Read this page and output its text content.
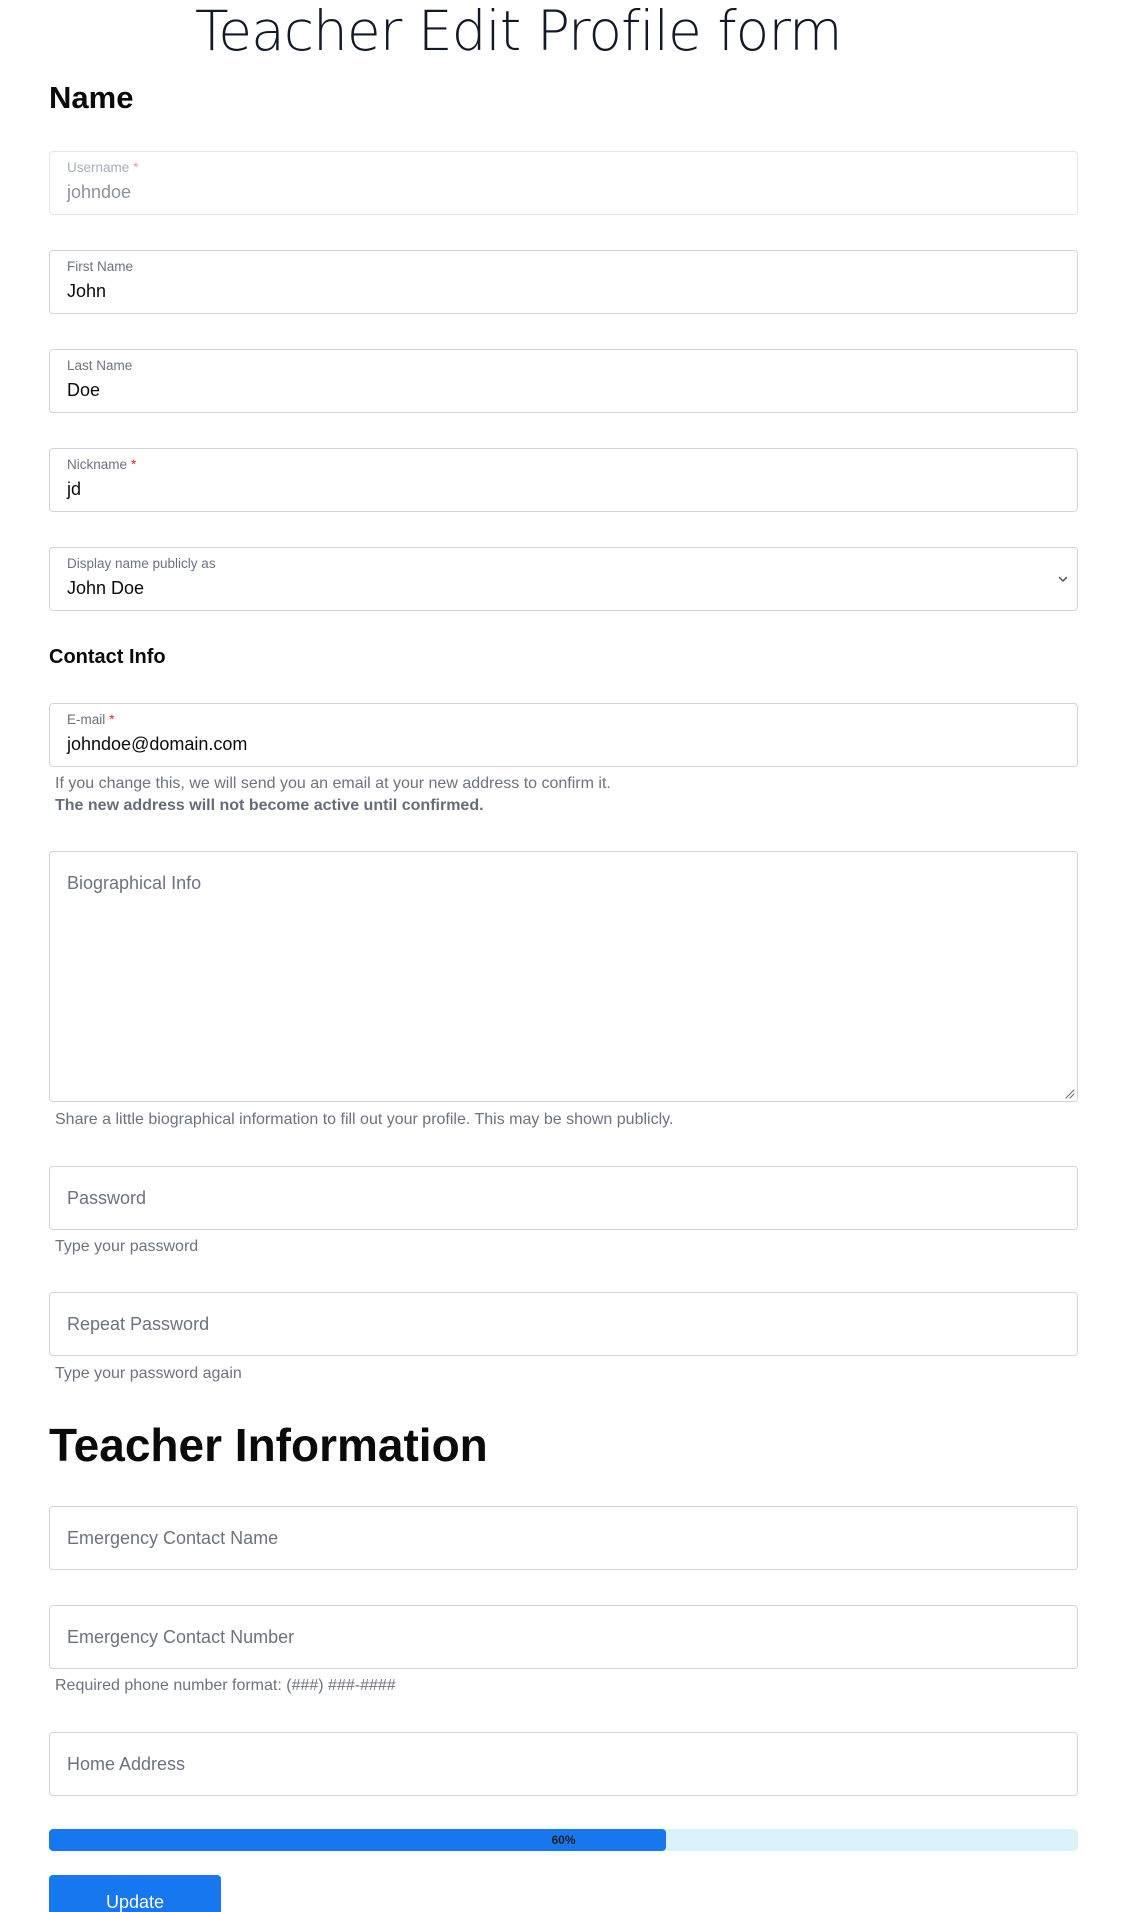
Teacher Edit Profile form
Name
Username *
johndoe
First Name
John
Last Name
Doe
Nickname *
jd
Display name publicly as
John Doe
Contact Info
E-mail *
johndoe@domain.com
If you change this, we will send you an email at your new address to confirm it.
The new address will not become active until confirmed.
Biographical Info
Share a little biographical information to fill out your profile. This may be shown publicly.
Password
Type your password
Repeat Password
Type your password again
Teacher Information
Emergency Contact Name
Emergency Contact Number
Required phone number format: (###) ###-####
Home Address
60%
Update
